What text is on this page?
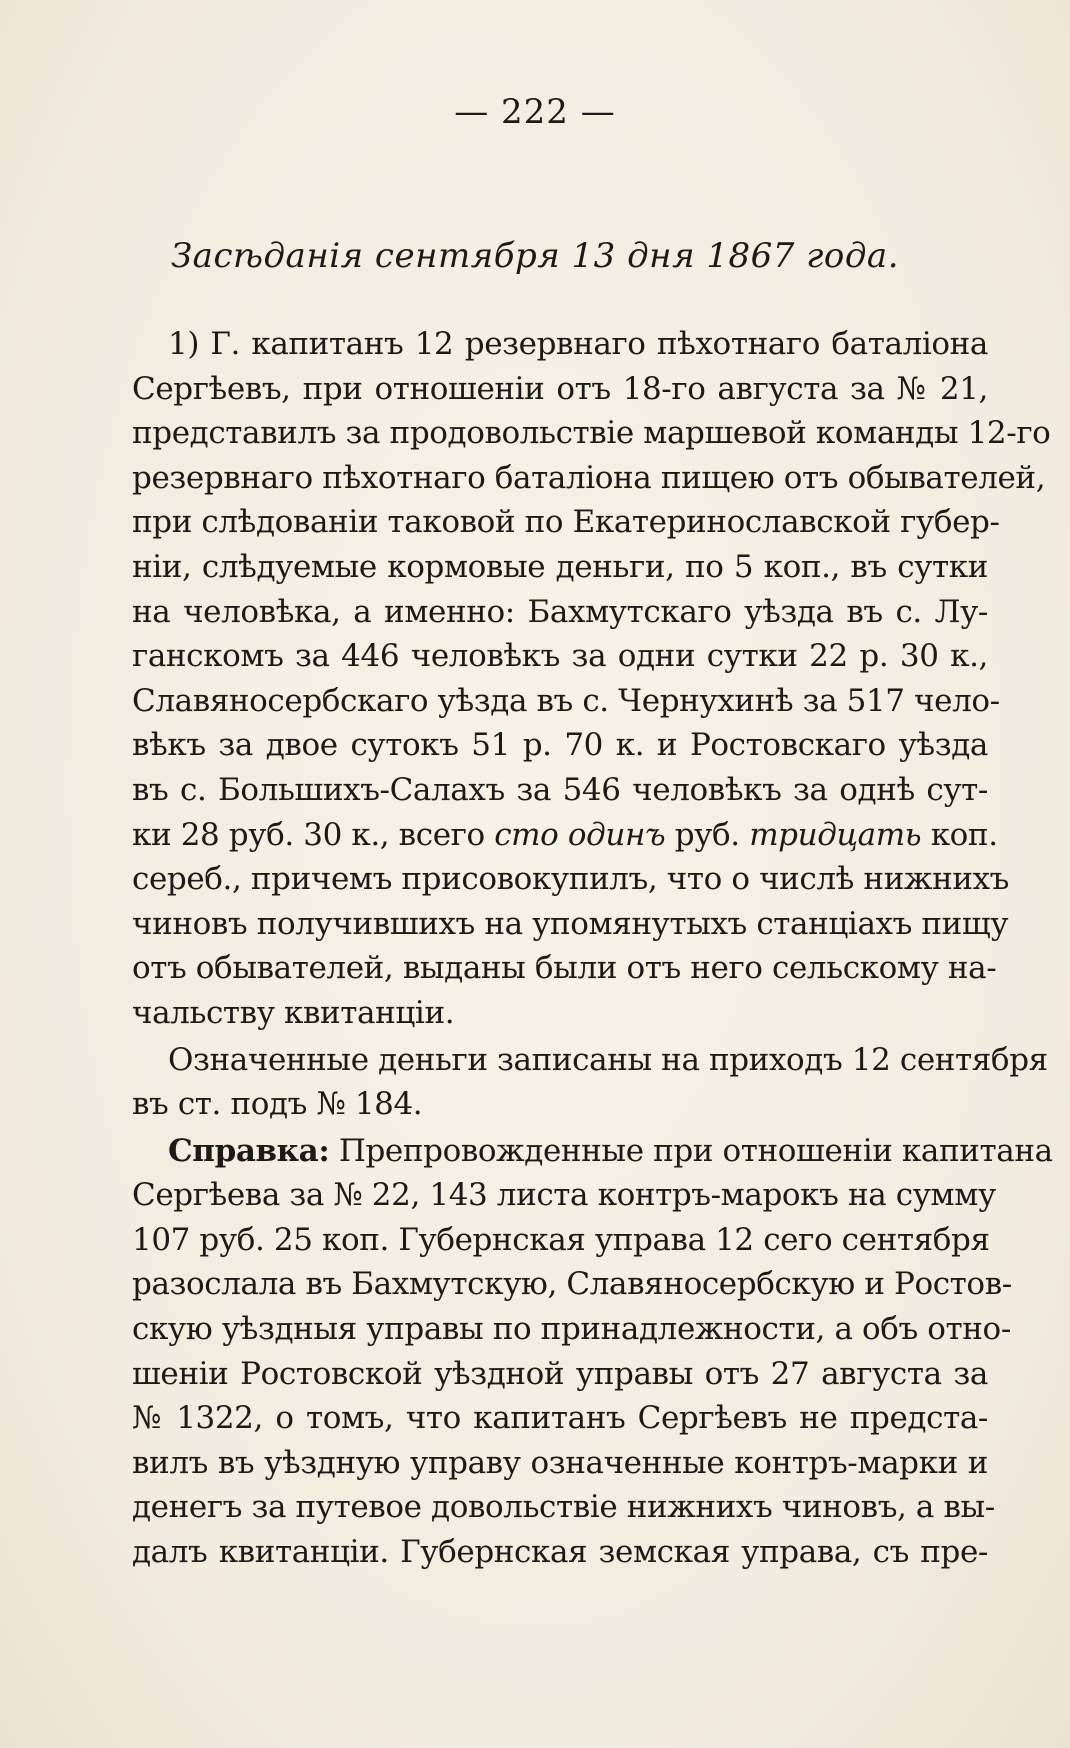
— 222 —
Засѣданія сентября 13 дня 1867 года.
1) Г. капитанъ 12 резервнаго пѣхотнаго баталіона
Сергѣевъ, при отношеніи отъ 18-го августа за № 21,
представилъ за продовольствіе маршевой команды 12-го
резервнаго пѣхотнаго баталіона пищею отъ обывателей,
при слѣдованіи таковой по Екатеринославской губер-
ніи, слѣдуемые кормовые деньги, по 5 коп., въ сутки
на человѣка, а именно: Бахмутскаго уѣзда въ с. Лу-
ганскомъ за 446 человѣкъ за одни сутки 22 р. 30 к.,
Славяносербскаго уѣзда въ с. Чернухинѣ за 517 чело-
вѣкъ за двое сутокъ 51 р. 70 к. и Ростовскаго уѣзда
въ с. Большихъ-Салахъ за 546 человѣкъ за однѣ сут-
ки 28 руб. 30 к., всего сто одинъ руб. тридцать коп.
сереб., причемъ присовокупилъ, что о числѣ нижнихъ
чиновъ получившихъ на упомянутыхъ станціахъ пищу
отъ обывателей, выданы были отъ него сельскому на-
чальству квитанціи.
Означенные деньги записаны на приходъ 12 сентября
въ ст. подъ № 184.
Справка: Препровожденные при отношеніи капитана
Сергѣева за № 22, 143 листа контръ-марокъ на сумму
107 руб. 25 коп. Губернская управа 12 сего сентября
разослала въ Бахмутскую, Славяносербскую и Ростов-
скую уѣздныя управы по принадлежности, а объ отно-
шеніи Ростовской уѣздной управы отъ 27 августа за
№ 1322, о томъ, что капитанъ Сергѣевъ не предста-
вилъ въ уѣздную управу означенные контръ-марки и
денегъ за путевое довольствіе нижнихъ чиновъ, а вы-
далъ квитанціи. Губернская земская управа, съ пре-
